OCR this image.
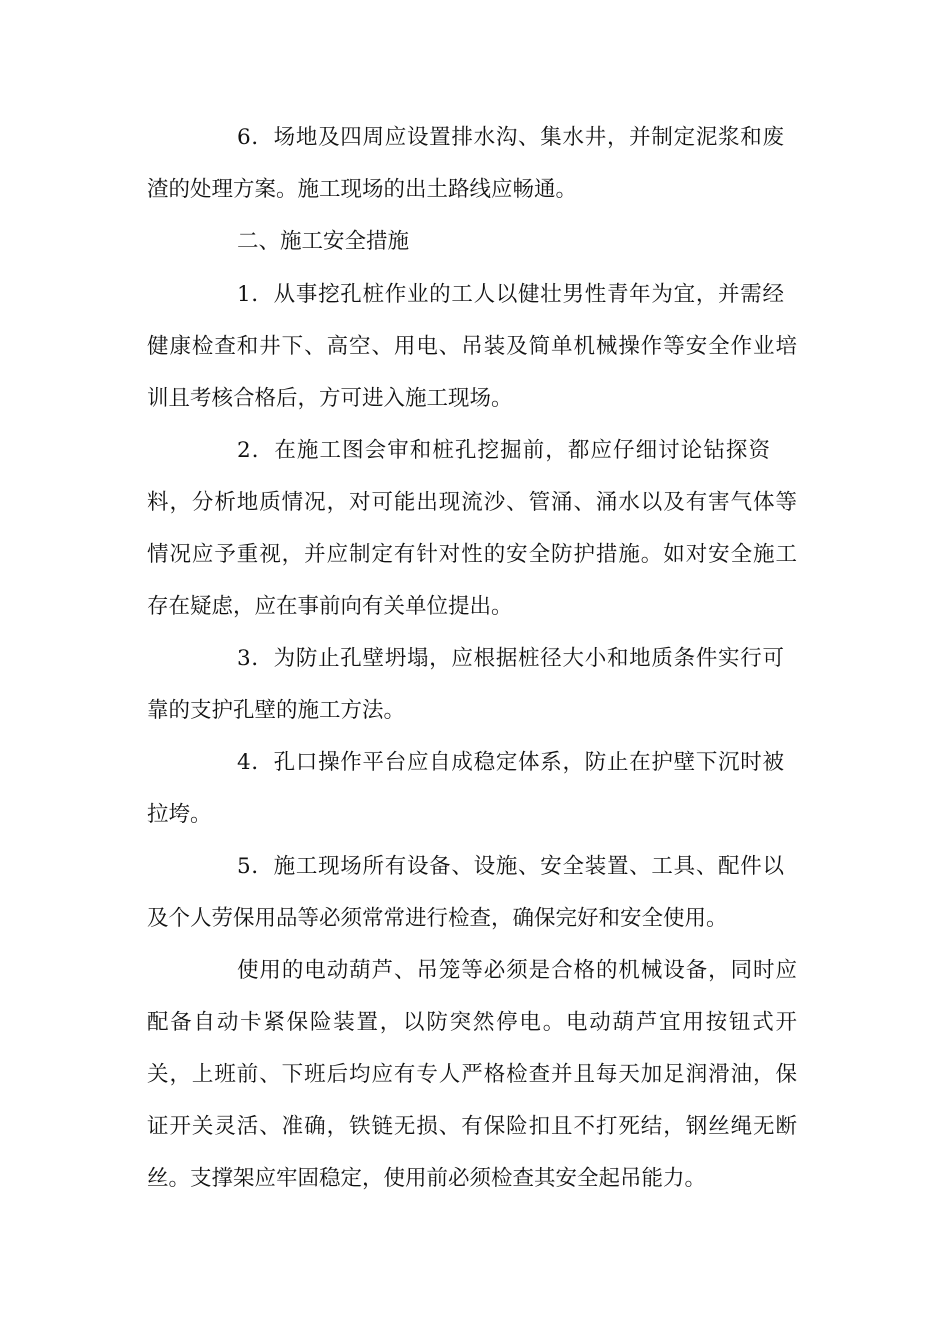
6．场地及四周应设置排水沟、集水井，并制定泥浆和废
渣的处理方案。施工现场的出土路线应畅通。
二、施工安全措施
1．从事挖孔桩作业的工人以健壮男性青年为宜，并需经
健康检查和井下、高空、用电、吊装及简单机械操作等安全作业培
训且考核合格后，方可进入施工现场。
2．在施工图会审和桩孔挖掘前，都应仔细讨论钻探资
料，分析地质情况，对可能出现流沙、管涌、涌水以及有害气体等
情况应予重视，并应制定有针对性的安全防护措施。如对安全施工
存在疑虑，应在事前向有关单位提出。
3．为防止孔壁坍塌，应根据桩径大小和地质条件实行可
靠的支护孔壁的施工方法。
4．孔口操作平台应自成稳定体系，防止在护壁下沉时被
拉垮。
5．施工现场所有设备、设施、安全装置、工具、配件以
及个人劳保用品等必须常常进行检查，确保完好和安全使用。
使用的电动葫芦、吊笼等必须是合格的机械设备，同时应
配备自动卡紧保险装置，以防突然停电。电动葫芦宜用按钮式开
关，上班前、下班后均应有专人严格检查并且每天加足润滑油，保
证开关灵活、准确，铁链无损、有保险扣且不打死结，钢丝绳无断
丝。支撑架应牢固稳定，使用前必须检查其安全起吊能力。
